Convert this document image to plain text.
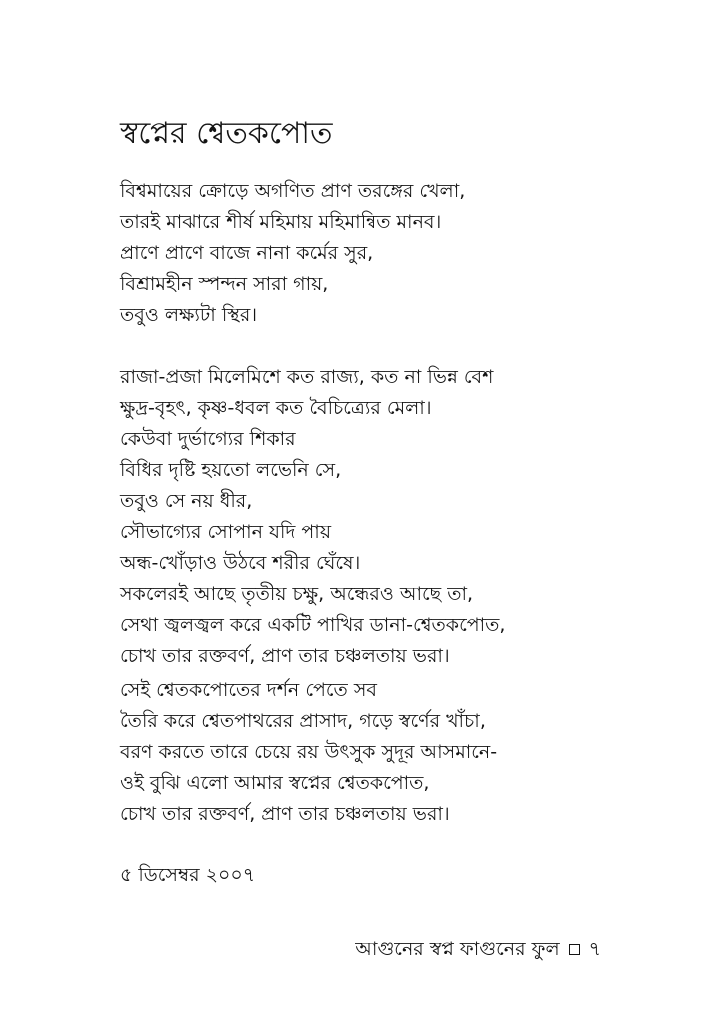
স্বপ্নের শ্বেতকপোত
বিশ্বমায়ের ক্রোড়ে অগণিত প্রাণ তরঙ্গের খেলা,
তারই মাঝারে শীর্ষ মহিমায় মহিমান্বিত মানব।
প্রাণে প্রাণে বাজে নানা কর্মের সুর,
বিশ্রামহীন স্পন্দন সারা গায়,
তবুও লক্ষ্যটা স্থির।
রাজা-প্রজা মিলেমিশে কত রাজ্য, কত না ভিন্ন বেশ
ক্ষুদ্র-বৃহৎ, কৃষ্ণ-ধবল কত বৈচিত্র্যের মেলা।
কেউবা দুর্ভাগ্যের শিকার
বিধির দৃষ্টি হয়তো লভেনি সে,
তবুও সে নয় ধীর,
সৌভাগ্যের সোপান যদি পায়
অন্ধ-খোঁড়াও উঠবে শরীর ঘেঁষে।
সকলেরই আছে তৃতীয় চক্ষু, অন্ধেরও আছে তা,
সেথা জ্বলজ্বল করে একটি পাখির ডানা-শ্বেতকপোত,
চোখ তার রক্তবর্ণ, প্রাণ তার চঞ্চলতায় ভরা।
সেই শ্বেতকপোতের দর্শন পেতে সব
তৈরি করে শ্বেতপাথরের প্রাসাদ, গড়ে স্বর্ণের খাঁচা,
বরণ করতে তারে চেয়ে রয় উৎসুক সুদূর আসমানে-
ওই বুঝি এলো আমার স্বপ্নের শ্বেতকপোত,
চোখ তার রক্তবর্ণ, প্রাণ তার চঞ্চলতায় ভরা।
৫ ডিসেম্বর ২০০৭
আগুনের স্বপ্ন ফাগুনের ফুল ৭
